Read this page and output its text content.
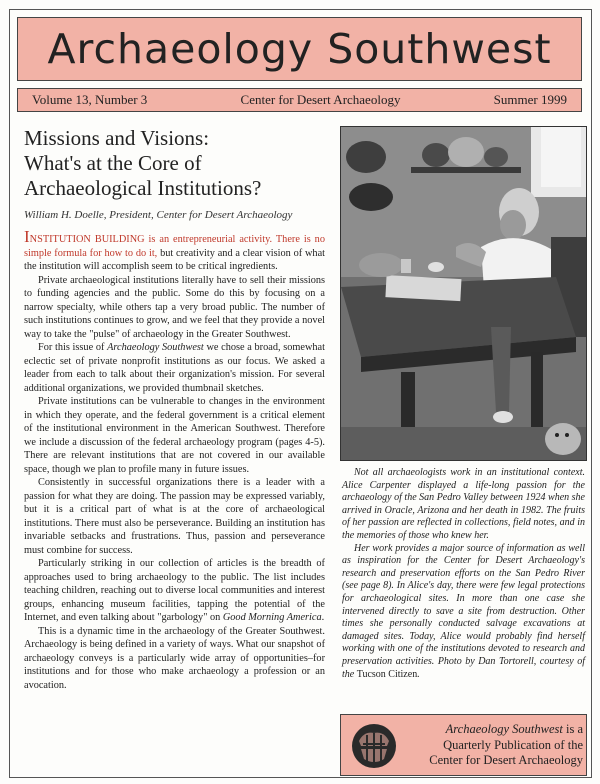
Archaeology Southwest
Volume 13, Number 3	Center for Desert Archaeology	Summer 1999
Missions and Visions:
What's at the Core of
Archaeological Institutions?
William H. Doelle, President, Center for Desert Archaeology

INSTITUTION BUILDING is an entrepreneurial activity. There is no simple formula for how to do it, but creativity and a clear vision of what the institution will accomplish seem to be critical ingredients.

Private archaeological institutions literally have to sell their missions to funding agencies and the public. Some do this by focusing on a narrow specialty, while others tap a very broad public. The number of such institutions continues to grow, and we feel that they provide a novel way to take the "pulse" of archaeology in the Greater Southwest.

For this issue of Archaeology Southwest we chose a broad, somewhat eclectic set of private nonprofit institutions as our focus. We asked a leader from each to talk about their organization's mission. For several additional organizations, we provided thumbnail sketches.

Private institutions can be vulnerable to changes in the environment in which they operate, and the federal government is a critical element of the institutional environment in the American Southwest. Therefore we include a discussion of the federal archaeology program (pages 4-5). There are relevant institutions that are not covered in our available space, though we plan to profile many in future issues.

Consistently in successful organizations there is a leader with a passion for what they are doing. The passion may be expressed variably, but it is a critical part of what is at the core of archaeological institutions. There must also be perseverance. Building an institution has invariable setbacks and frustrations. Thus, passion and perseverance must combine for success.

Particularly striking in our collection of articles is the breadth of approaches used to bring archaeology to the public. The list includes teaching children, reaching out to diverse local communities and interest groups, enhancing museum facilities, tapping the potential of the Internet, and even talking about "garbology" on Good Morning America.

This is a dynamic time in the archaeology of the Greater Southwest. Archaeology is being defined in a variety of ways. What our snapshot of archaeology conveys is a particularly wide array of opportunities–for institutions and for those who make archaeology a profession or an avocation.

Not all archaeologists work in an institutional context. Alice Carpenter displayed a life-long passion for the archaeology of the San Pedro Valley between 1924 when she arrived in Oracle, Arizona and her death in 1982. The fruits of her passion are reflected in collections, field notes, and in the memories of those who knew her.

Her work provides a major source of information as well as inspiration for the Center for Desert Archaeology's research and preservation efforts on the San Pedro River (see page 8). In Alice's day, there were few legal protections for archaeological sites. In more than one case she intervened directly to save a site from destruction. Other times she personally conducted salvage excavations at damaged sites. Today, Alice would probably find herself working with one of the institutions devoted to research and preservation activities. Photo by Dan Tortorell, courtesy of the Tucson Citizen.

Archaeology Southwest is a
Quarterly Publication of the
Center for Desert Archaeology
